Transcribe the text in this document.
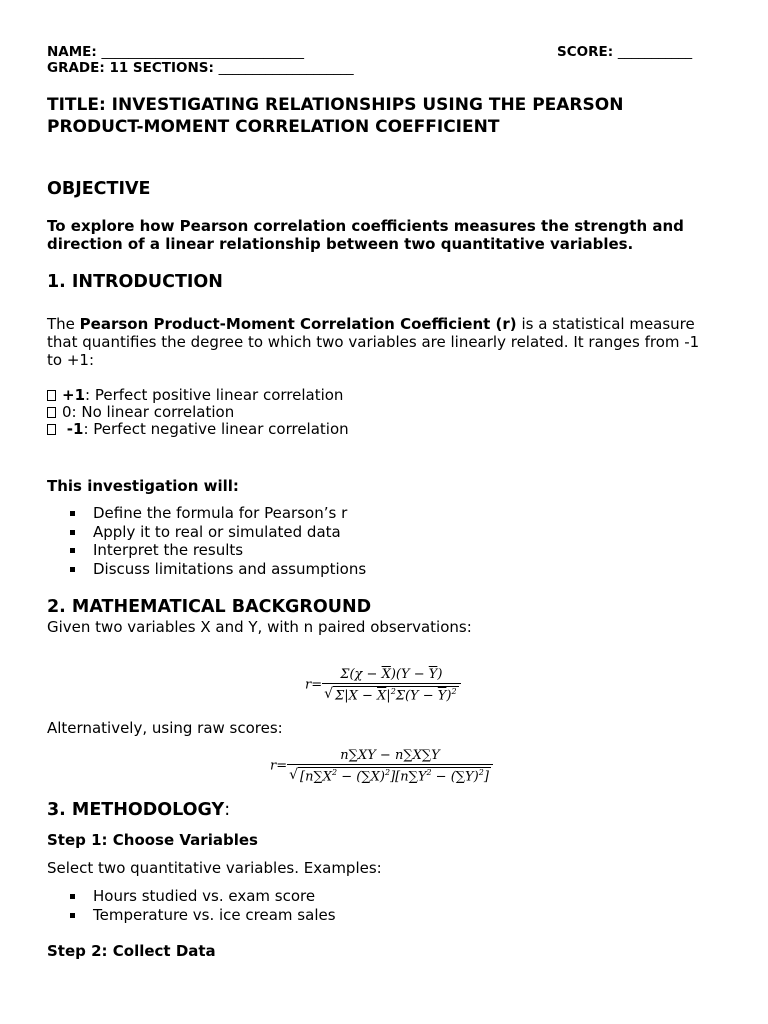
NAME: ______________________________	SCORE: ___________
GRADE: 11 SECTIONS: ____________________
TITLE: INVESTIGATING RELATIONSHIPS USING THE PEARSON
PRODUCT-MOMENT CORRELATION COEFFICIENT
OBJECTIVE
To explore how Pearson correlation coefficients measures the strength and
direction of a linear relationship between two quantitative variables.
1. INTRODUCTION
The Pearson Product-Moment Correlation Coefficient (r) is a statistical measure
that quantifies the degree to which two variables are linearly related. It ranges from -1
to +1:
+1: Perfect positive linear correlation
0: No linear correlation
-1: Perfect negative linear correlation
This investigation will:
Define the formula for Pearson’s r
Apply it to real or simulated data
Interpret the results
Discuss limitations and assumptions
2. MATHEMATICAL BACKGROUND
Given two variables X and Y, with n paired observations:
$r= \frac{\Sigma(\chi - \overline{X})(Y - \overline{Y})}{√ \Sigma|X - \overline{X}|^2\Sigma(Y - \overline{Y})^2}$
Alternatively, using raw scores:
$r= \frac{n\sum XY - n\sum X\sum Y}{√ [n\sum X^2 - (\sum X)^2][n\sum Y^2 - (\sum Y)^2]}$
3. METHODOLOGY:
Step 1: Choose Variables
Select two quantitative variables. Examples:
Hours studied vs. exam score
Temperature vs. ice cream sales
Step 2: Collect Data
